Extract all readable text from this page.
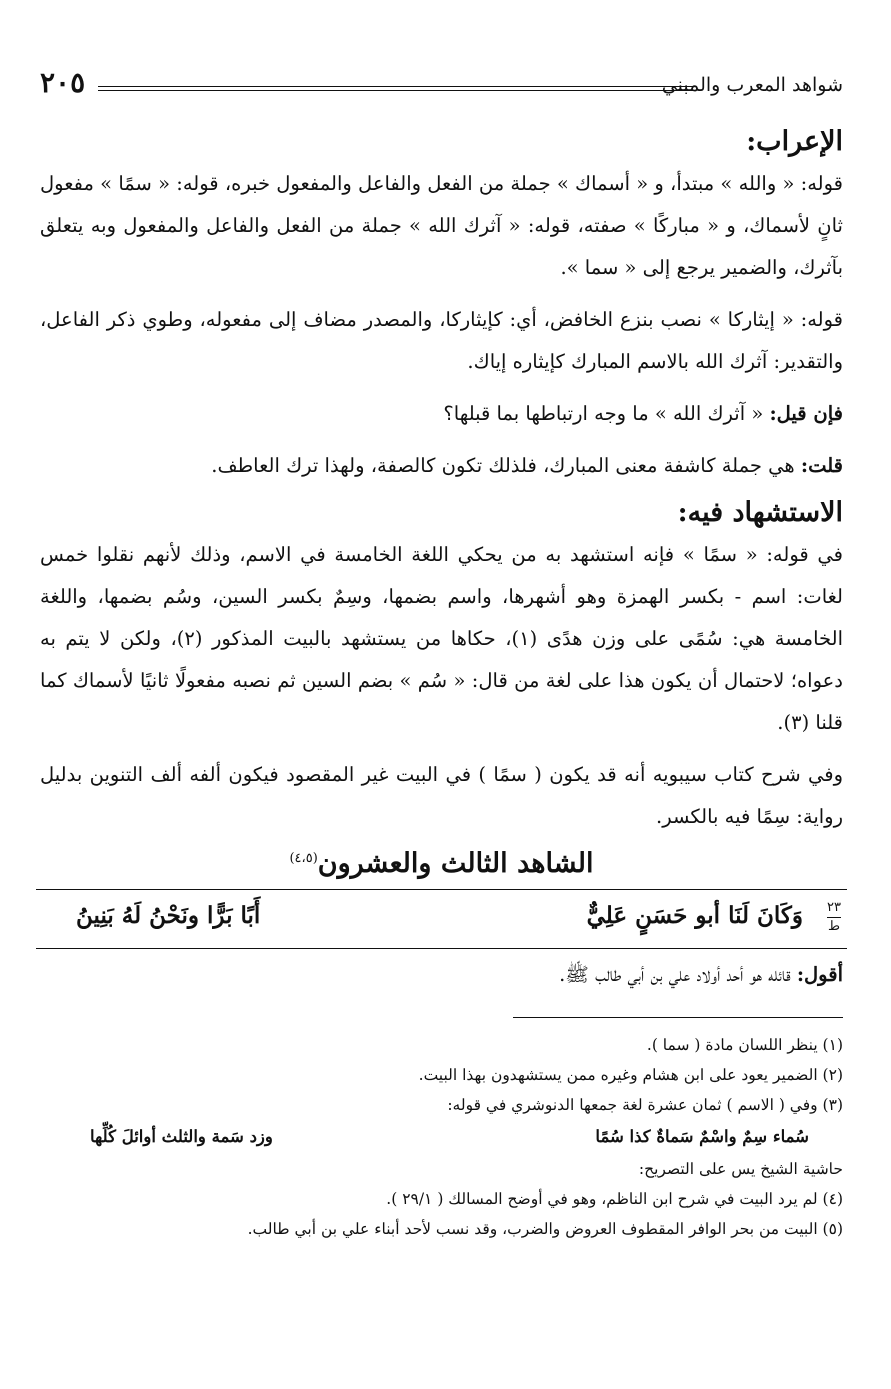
شواهد المعرب والمبني
٢٠٥
الإعراب:

قوله: « والله » مبتدأ، و « أسماك » جملة من الفعل والفاعل والمفعول خبره، قوله: « سمًا » مفعول ثانٍ لأسماك، و « مباركًا » صفته، قوله: « آثرك الله » جملة من الفعل والفاعل والمفعول وبه يتعلق بآثرك، والضمير يرجع إلى « سما ».

قوله: « إيثاركا » نصب بنزع الخافض، أي: كإيثاركا، والمصدر مضاف إلى مفعوله، وطوي ذكر الفاعل، والتقدير: آثرك الله بالاسم المبارك كإيثاره إياك.

فإن قيل: « آثرك الله » ما وجه ارتباطها بما قبلها؟

قلت: هي جملة كاشفة معنى المبارك، فلذلك تكون كالصفة، ولهذا ترك العاطف.

الاستشهاد فيه:

في قوله: « سمًا » فإنه استشهد به من يحكي اللغة الخامسة في الاسم، وذلك لأنهم نقلوا خمس لغات: اسم - بكسر الهمزة وهو أشهرها، واسم بضمها، وسِمٌ بكسر السين، وسُم بضمها، واللغة الخامسة هي: سُمًى على وزن هدًى (١)، حكاها من يستشهد بالبيت المذكور (٢)، ولكن لا يتم به دعواه؛ لاحتمال أن يكون هذا على لغة من قال: « سُم » بضم السين ثم نصبه مفعولًا ثانيًا لأسماك كما قلنا (٣).

وفي شرح كتاب سيبويه أنه قد يكون ( سمًا ) في البيت غير المقصود فيكون ألفه ألف التنوين بدليل رواية: سِمًا فيه بالكسر.

الشاهد الثالث والعشرون$^{(٤،٥)}$
٢٣
ط
وَكَانَ لَنَا أبو حَسَنٍ عَلِيٌّ
أَبًا بَرًّا ونَحْنُ لَهُ بَنِينُ
أقول: قائله هو أحد أولاد علي بن أبي طالب ﷺ.

(١) ينظر اللسان مادة ( سما ).

(٢) الضمير يعود على ابن هشام وغيره ممن يستشهدون بهذا البيت.

(٣) وفي ( الاسم ) ثمان عشرة لغة جمعها الدنوشري في قوله:

سُماء سِمٌ واسْمٌ سَماةٌ كذا سُمًا
وزد سَمة والثلث أوائلَ كُلِّها

حاشية الشيخ يس على التصريح:

(٤) لم يرد البيت في شرح ابن الناظم، وهو في أوضح المسالك ( ٢٩/١ ).

(٥) البيت من بحر الوافر المقطوف العروض والضرب، وقد نسب لأحد أبناء علي بن أبي طالب.
